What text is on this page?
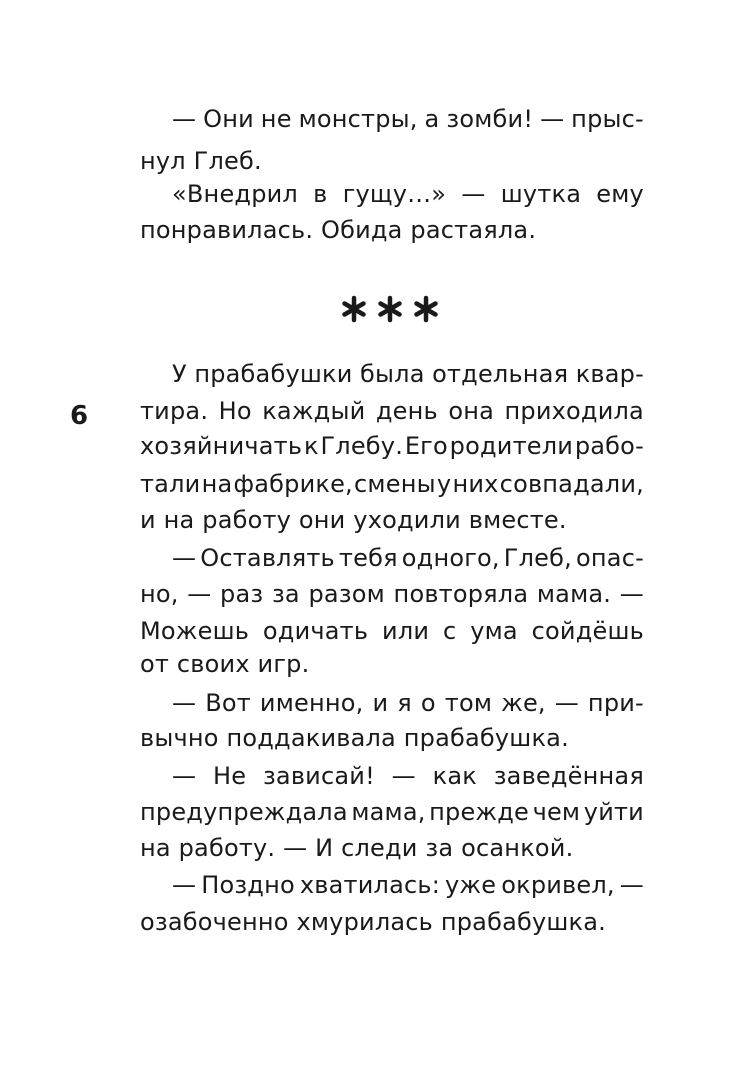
— Они не монстры, а зомби! — прыс-
нул Глеб.
«Внедрил в гущу…» — шутка ему
понравилась. Обида растаяла.
У прабабушки была отдельная квар-
6 тира. Но каждый день она приходила
хозяйничать к Глебу. Его родители рабо-
тали на фабрике, смены у них совпадали,
и на работу они уходили вместе.
— Оставлять тебя одного, Глеб, опас-
но, — раз за разом повторяла мама. —
Можешь одичать или с ума сойдёшь
от своих игр.
— Вот именно, и я о том же, — при-
вычно поддакивала прабабушка.
— Не зависай! — как заведённая
предупреждала мама, прежде чем уйти
на работу. — И следи за осанкой.
— Поздно хватилась: уже окривел, —
озабоченно хмурилась прабабушка.
